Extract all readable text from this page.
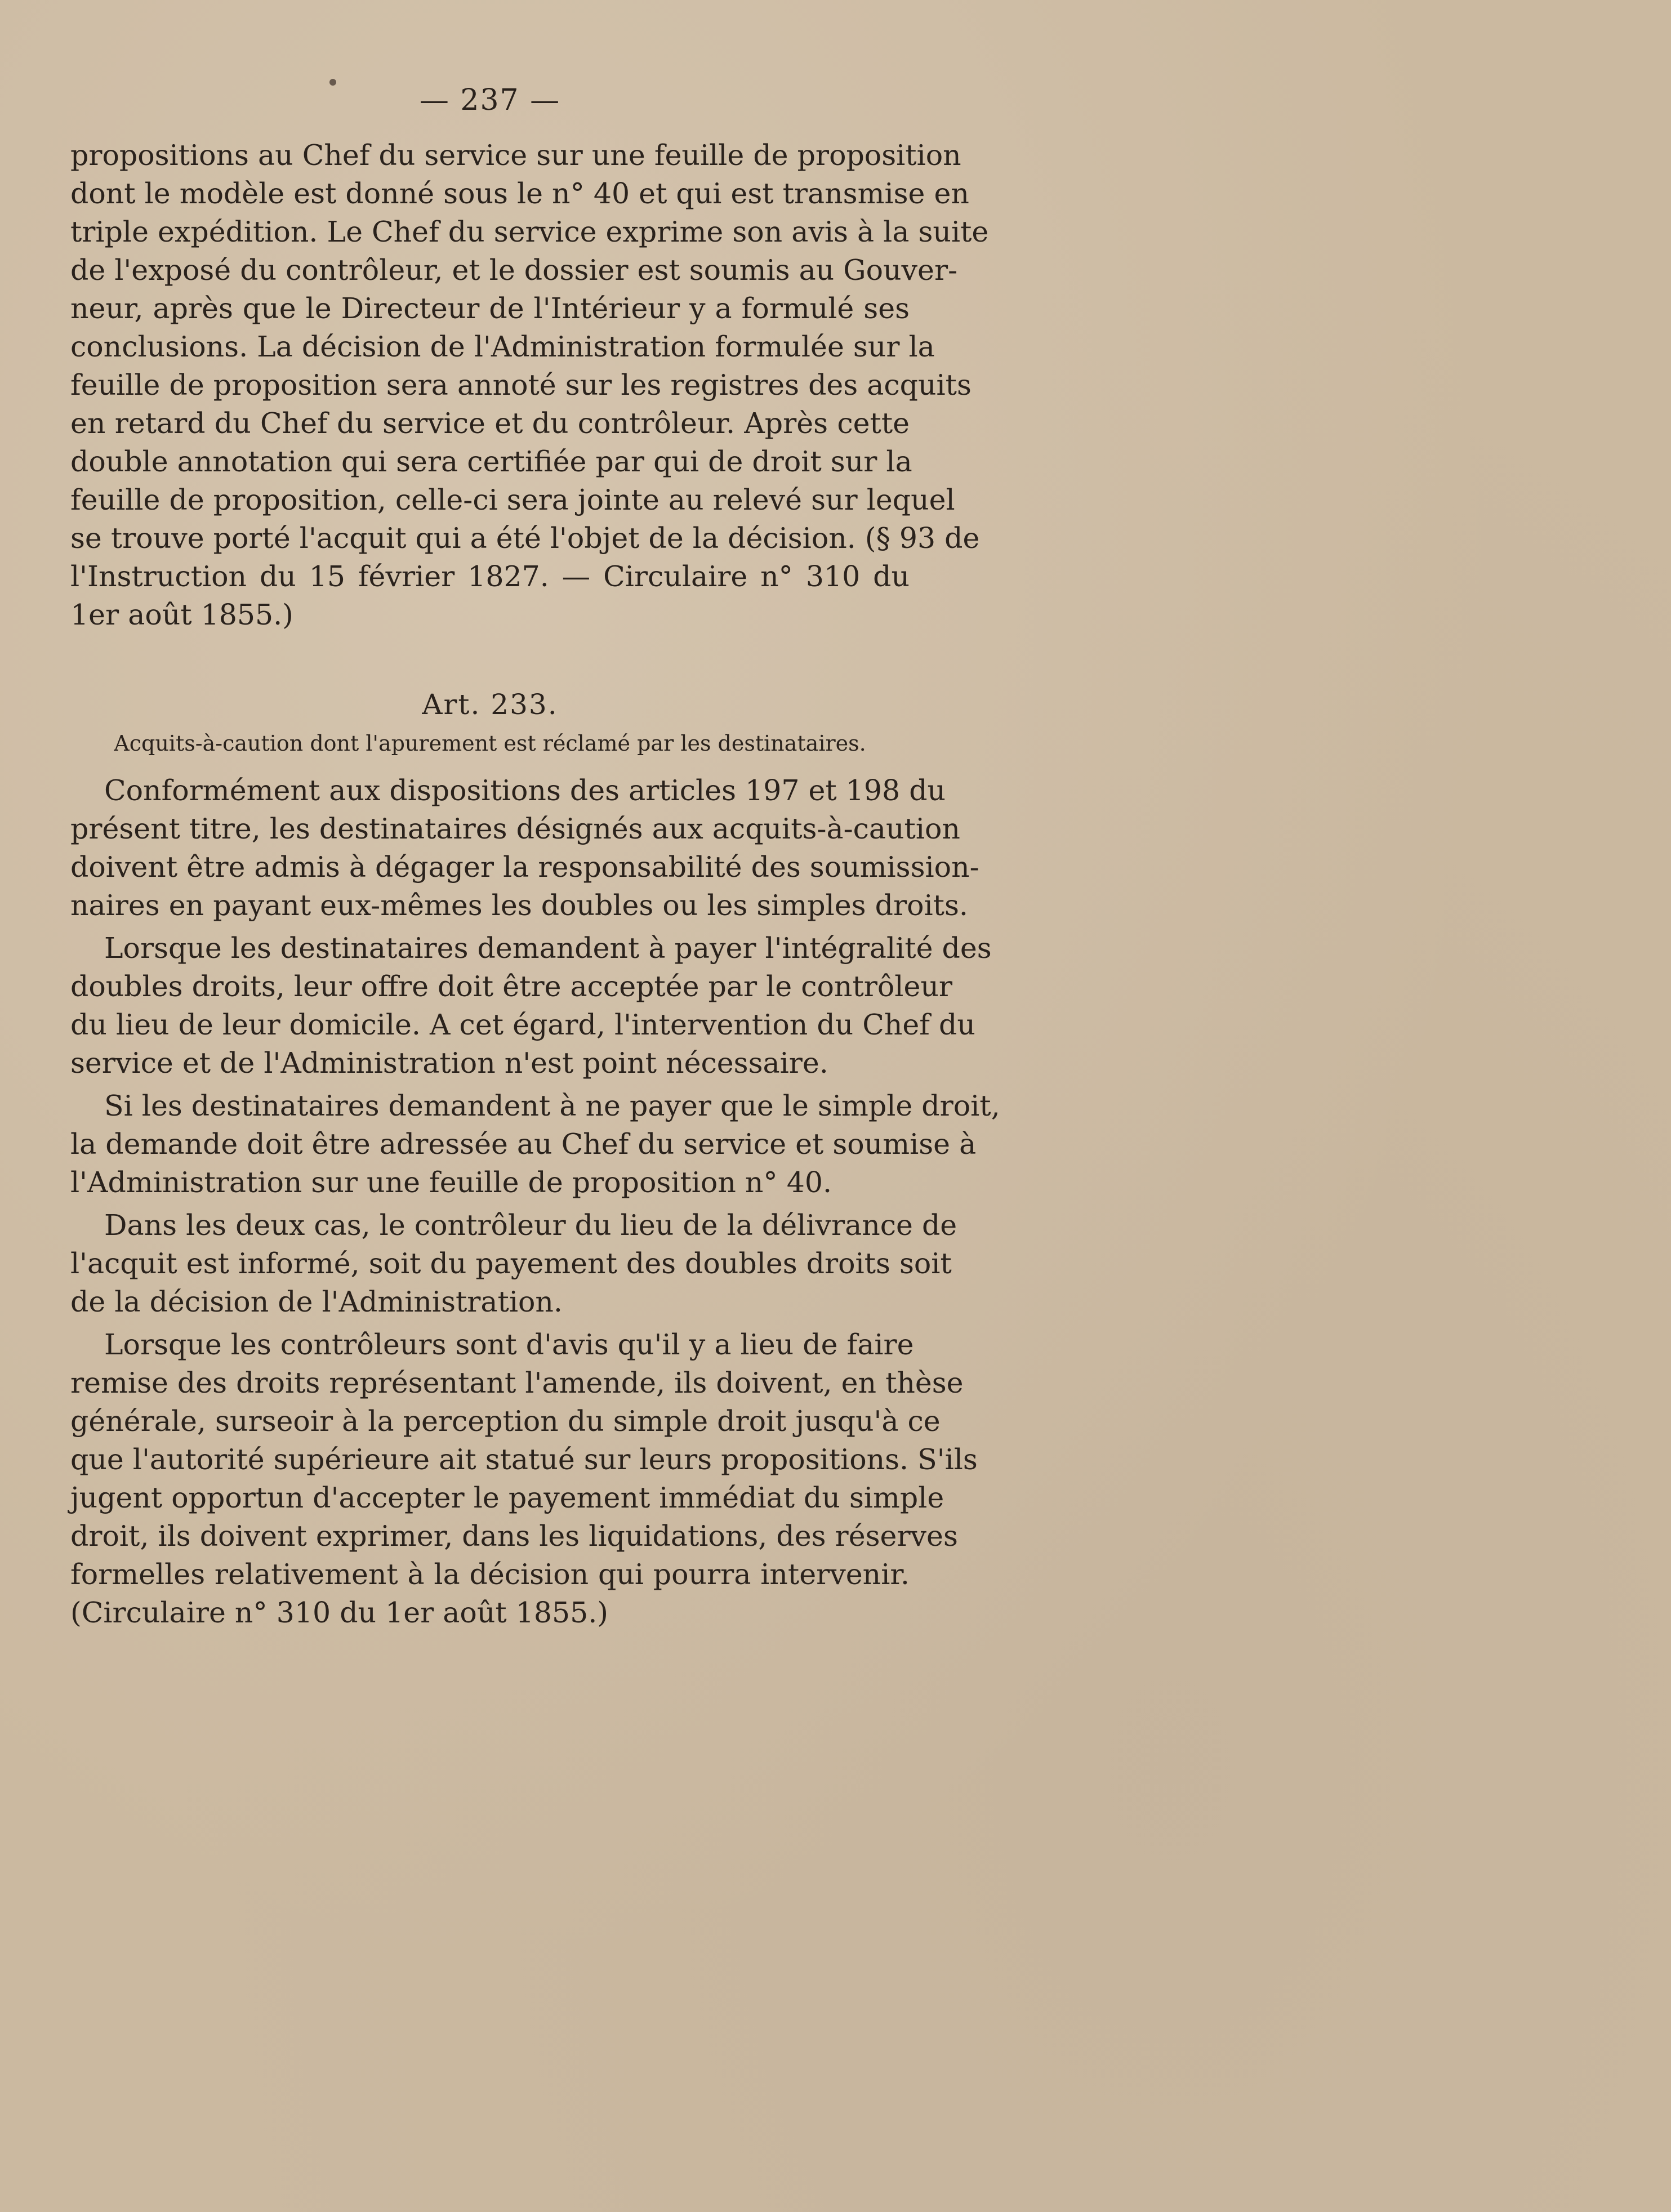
— 237 —
propositions au Chef du service sur une feuille de proposition
dont le modèle est donné sous le n° 40 et qui est transmise en
triple expédition. Le Chef du service exprime son avis à la suite
de l'exposé du contrôleur, et le dossier est soumis au Gouver-
neur, après que le Directeur de l'Intérieur y a formulé ses
conclusions. La décision de l'Administration formulée sur la
feuille de proposition sera annoté sur les registres des acquits
en retard du Chef du service et du contrôleur. Après cette
double annotation qui sera certifiée par qui de droit sur la
feuille de proposition, celle-ci sera jointe au relevé sur lequel
se trouve porté l'acquit qui a été l'objet de la décision. (§ 93 de
l'Instruction du 15 février 1827. — Circulaire n° 310 du
1er août 1855.)
Art. 233.
Acquits-à-caution dont l'apurement est réclamé par les destinataires.
Conformément aux dispositions des articles 197 et 198 du
présent titre, les destinataires désignés aux acquits-à-caution
doivent être admis à dégager la responsabilité des soumission-
naires en payant eux-mêmes les doubles ou les simples droits.
Lorsque les destinataires demandent à payer l'intégralité des
doubles droits, leur offre doit être acceptée par le contrôleur
du lieu de leur domicile. A cet égard, l'intervention du Chef du
service et de l'Administration n'est point nécessaire.
Si les destinataires demandent à ne payer que le simple droit,
la demande doit être adressée au Chef du service et soumise à
l'Administration sur une feuille de proposition n° 40.
Dans les deux cas, le contrôleur du lieu de la délivrance de
l'acquit est informé, soit du payement des doubles droits soit
de la décision de l'Administration.
Lorsque les contrôleurs sont d'avis qu'il y a lieu de faire
remise des droits représentant l'amende, ils doivent, en thèse
générale, surseoir à la perception du simple droit jusqu'à ce
que l'autorité supérieure ait statué sur leurs propositions. S'ils
jugent opportun d'accepter le payement immédiat du simple
droit, ils doivent exprimer, dans les liquidations, des réserves
formelles relativement à la décision qui pourra intervenir.
(Circulaire n° 310 du 1er août 1855.)
